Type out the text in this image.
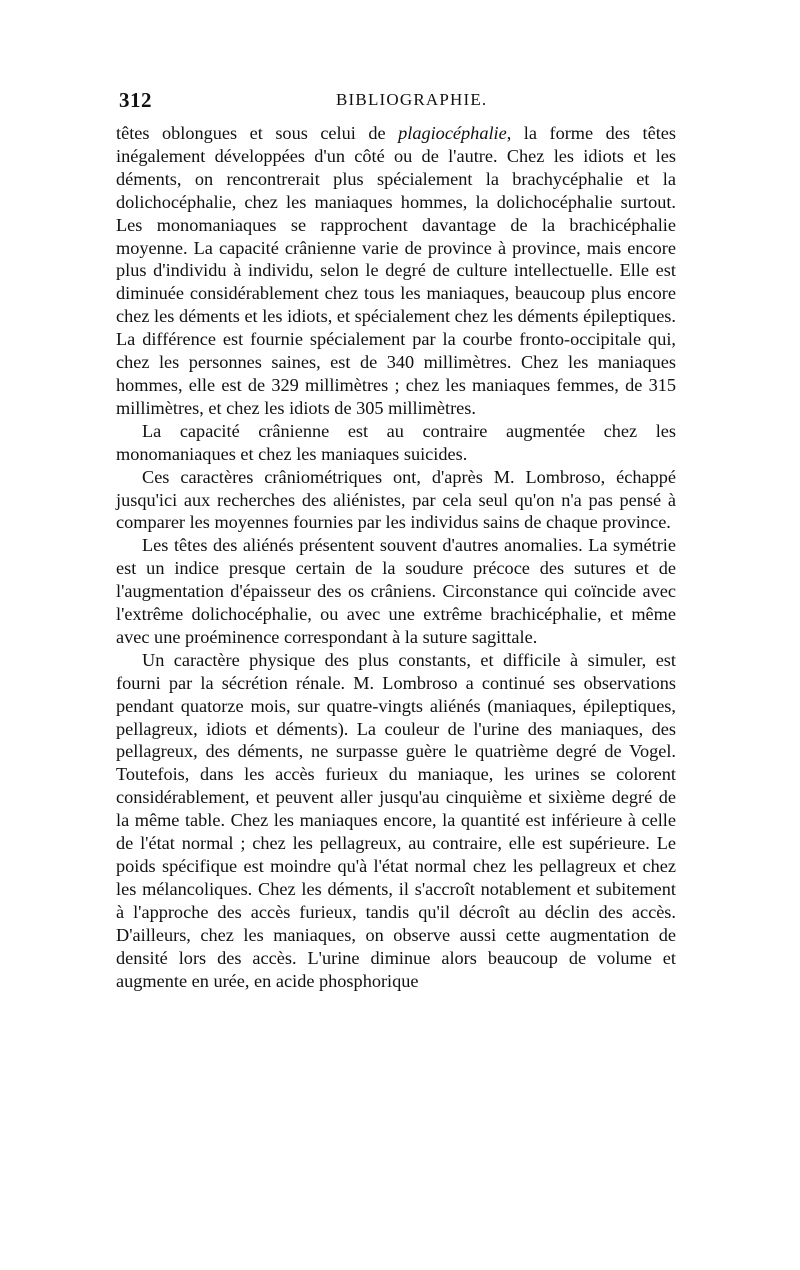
312	BIBLIOGRAPHIE.

têtes oblongues et sous celui de plagiocéphalie, la forme des têtes inégalement développées d'un côté ou de l'autre. Chez les idiots et les déments, on rencontrerait plus spécialement la brachycéphalie et la dolichocéphalie, chez les maniaques hommes, la dolichocéphalie surtout. Les monomaniaques se rapprochent davantage de la brachicéphalie moyenne. La capacité crânienne varie de province à province, mais encore plus d'individu à individu, selon le degré de culture intellectuelle. Elle est diminuée considérablement chez tous les maniaques, beaucoup plus encore chez les déments et les idiots, et spécialement chez les déments épileptiques. La différence est fournie spécialement par la courbe fronto-occipitale qui, chez les personnes saines, est de 340 millimètres. Chez les maniaques hommes, elle est de 329 millimètres ; chez les maniaques femmes, de 315 millimètres, et chez les idiots de 305 millimètres.

La capacité crânienne est au contraire augmentée chez les monomaniaques et chez les maniaques suicides.

Ces caractères crâniométriques ont, d'après M. Lombroso, échappé jusqu'ici aux recherches des aliénistes, par cela seul qu'on n'a pas pensé à comparer les moyennes fournies par les individus sains de chaque province.

Les têtes des aliénés présentent souvent d'autres anomalies. La symétrie est un indice presque certain de la soudure précoce des sutures et de l'augmentation d'épaisseur des os crâniens. Circonstance qui coïncide avec l'extrême dolichocéphalie, ou avec une extrême brachicéphalie, et même avec une proéminence correspondant à la suture sagittale.

Un caractère physique des plus constants, et difficile à simuler, est fourni par la sécrétion rénale. M. Lombroso a continué ses observations pendant quatorze mois, sur quatre-vingts aliénés (maniaques, épileptiques, pellagreux, idiots et déments). La couleur de l'urine des maniaques, des pellagreux, des déments, ne surpasse guère le quatrième degré de Vogel. Toutefois, dans les accès furieux du maniaque, les urines se colorent considérablement, et peuvent aller jusqu'au cinquième et sixième degré de la même table. Chez les maniaques encore, la quantité est inférieure à celle de l'état normal ; chez les pellagreux, au contraire, elle est supérieure. Le poids spécifique est moindre qu'à l'état normal chez les pellagreux et chez les mélancoliques. Chez les déments, il s'accroît notablement et subitement à l'approche des accès furieux, tandis qu'il décroît au déclin des accès. D'ailleurs, chez les maniaques, on observe aussi cette augmentation de densité lors des accès. L'urine diminue alors beaucoup de volume et augmente en urée, en acide phosphorique
